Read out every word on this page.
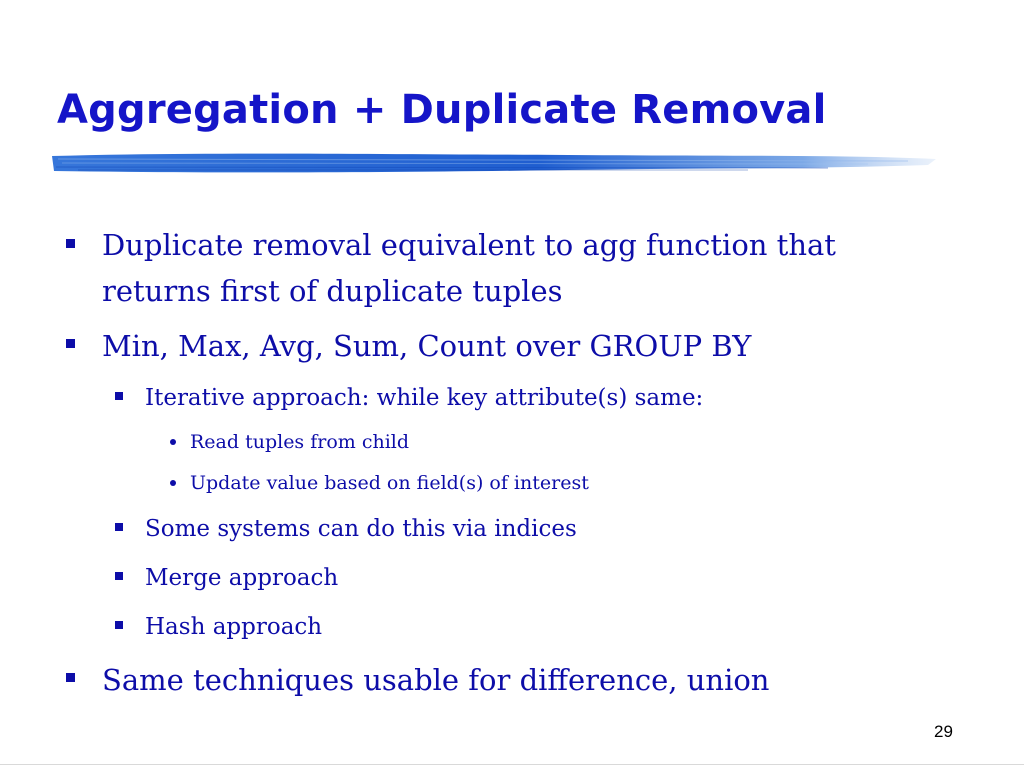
Aggregation + Duplicate Removal
Duplicate removal equivalent to agg function that
returns first of duplicate tuples
Min, Max, Avg, Sum, Count over GROUP BY
Iterative approach: while key attribute(s) same:
Read tuples from child
Update value based on field(s) of interest
Some systems can do this via indices
Merge approach
Hash approach
Same techniques usable for difference, union
29
